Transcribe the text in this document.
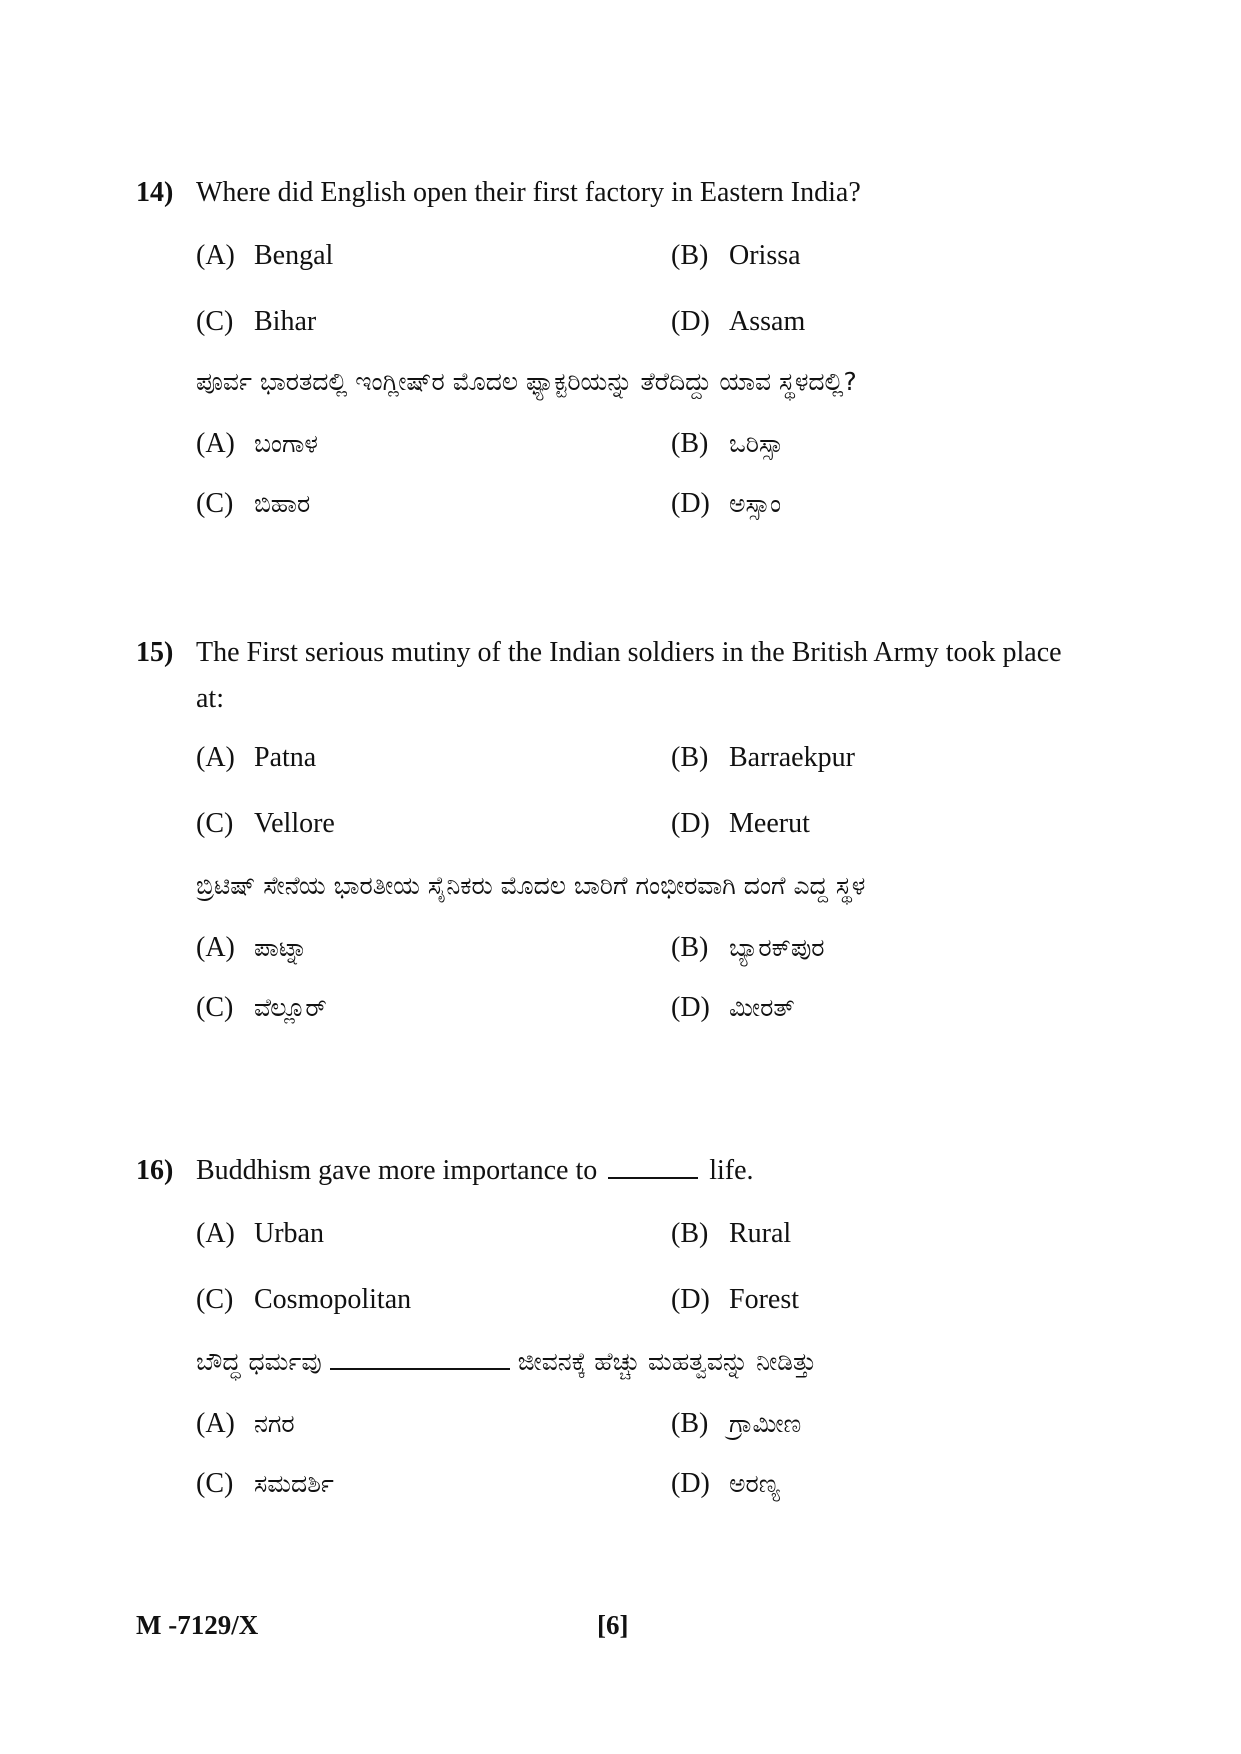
14) Where did English open their first factory in Eastern India?
(A) Bengal	(B) Orissa
(C) Bihar	(D) Assam
ಪೂರ್ವ ಭಾರತದಲ್ಲಿ ಇಂಗ್ಲೀಷ್‌ರ ಮೊದಲ ಫ್ಯಾಕ್ಟರಿಯನ್ನು ತೆರೆದಿದ್ದು ಯಾವ ಸ್ಥಳದಲ್ಲಿ?
(A) ಬಂಗಾಳ	(B) ಒರಿಸ್ಸಾ
(C) ಬಿಹಾರ	(D) ಅಸ್ಸಾಂ
15) The First serious mutiny of the Indian soldiers in the British Army took place at:
(A) Patna	(B) Barraekpur
(C) Vellore	(D) Meerut
ಬ್ರಿಟಿಷ್ ಸೇನೆಯ ಭಾರತೀಯ ಸೈನಿಕರು ಮೊದಲ ಬಾರಿಗೆ ಗಂಭೀರವಾಗಿ ದಂಗೆ ಎದ್ದ ಸ್ಥಳ
(A) ಪಾಟ್ನಾ	(B) ಬ್ಯಾರಕ್‌ಪುರ
(C) ವೆಲ್ಲೂರ್	(D) ಮೀರತ್
16) Buddhism gave more importance to	life.
(A) Urban	(B) Rural
(C) Cosmopolitan	(D) Forest
ಬೌದ್ಧ ಧರ್ಮವು	ಜೀವನಕ್ಕೆ ಹೆಚ್ಚು ಮಹತ್ವವನ್ನು ನೀಡಿತ್ತು
(A) ನಗರ	(B) ಗ್ರಾಮೀಣ
(C) ಸಮದರ್ಶಿ	(D) ಅರಣ್ಯ
M -7129/X	[6]
